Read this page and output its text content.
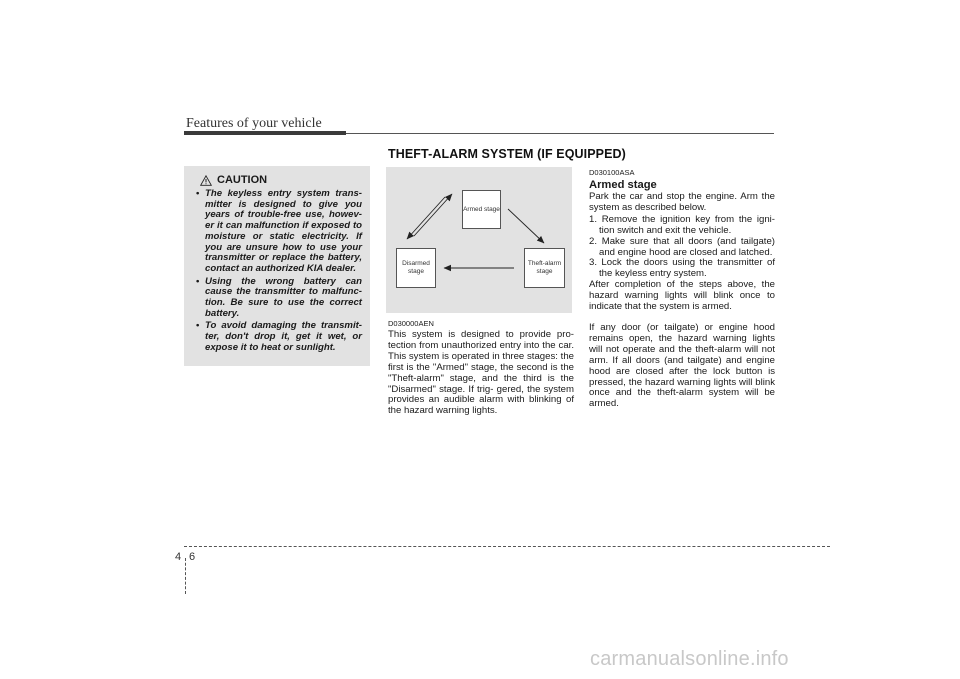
Features of your vehicle
THEFT-ALARM SYSTEM (IF EQUIPPED)
CAUTION
• The keyless entry system trans- mitter is designed to give you years of trouble-free use, howev- er it can malfunction if exposed to moisture or static electricity. If you are unsure how to use your transmitter or replace the battery, contact an authorized KIA dealer.
• Using the wrong battery can cause the transmitter to malfunc- tion. Be sure to use the correct battery.
• To avoid damaging the transmit- ter, don't drop it, get it wet, or expose it to heat or sunlight.
Armed stage
Disarmed stage
Theft-alarm stage
D030000AEN

This system is designed to provide pro- tection from unauthorized entry into the car. This system is operated in three stages: the first is the "Armed" stage, the second is the "Theft-alarm" stage, and the third is the "Disarmed" stage. If trig- gered, the system provides an audible alarm with blinking of the hazard warning lights.

D030100ASA
Armed stage

Park the car and stop the engine. Arm the system as described below.

1. Remove the ignition key from the igni- tion switch and exit the vehicle.
2. Make sure that all doors (and tailgate) and engine hood are closed and latched.
3. Lock the doors using the transmitter of the keyless entry system.

After completion of the steps above, the hazard warning lights will blink once to indicate that the system is armed.

If any door (or tailgate) or engine hood remains open, the hazard warning lights will not operate and the theft-alarm will not arm. If all doors (and tailgate) and engine hood are closed after the lock button is pressed, the hazard warning lights will blink once and the theft-alarm system will be armed.

4 6
carmanualsonline.info
